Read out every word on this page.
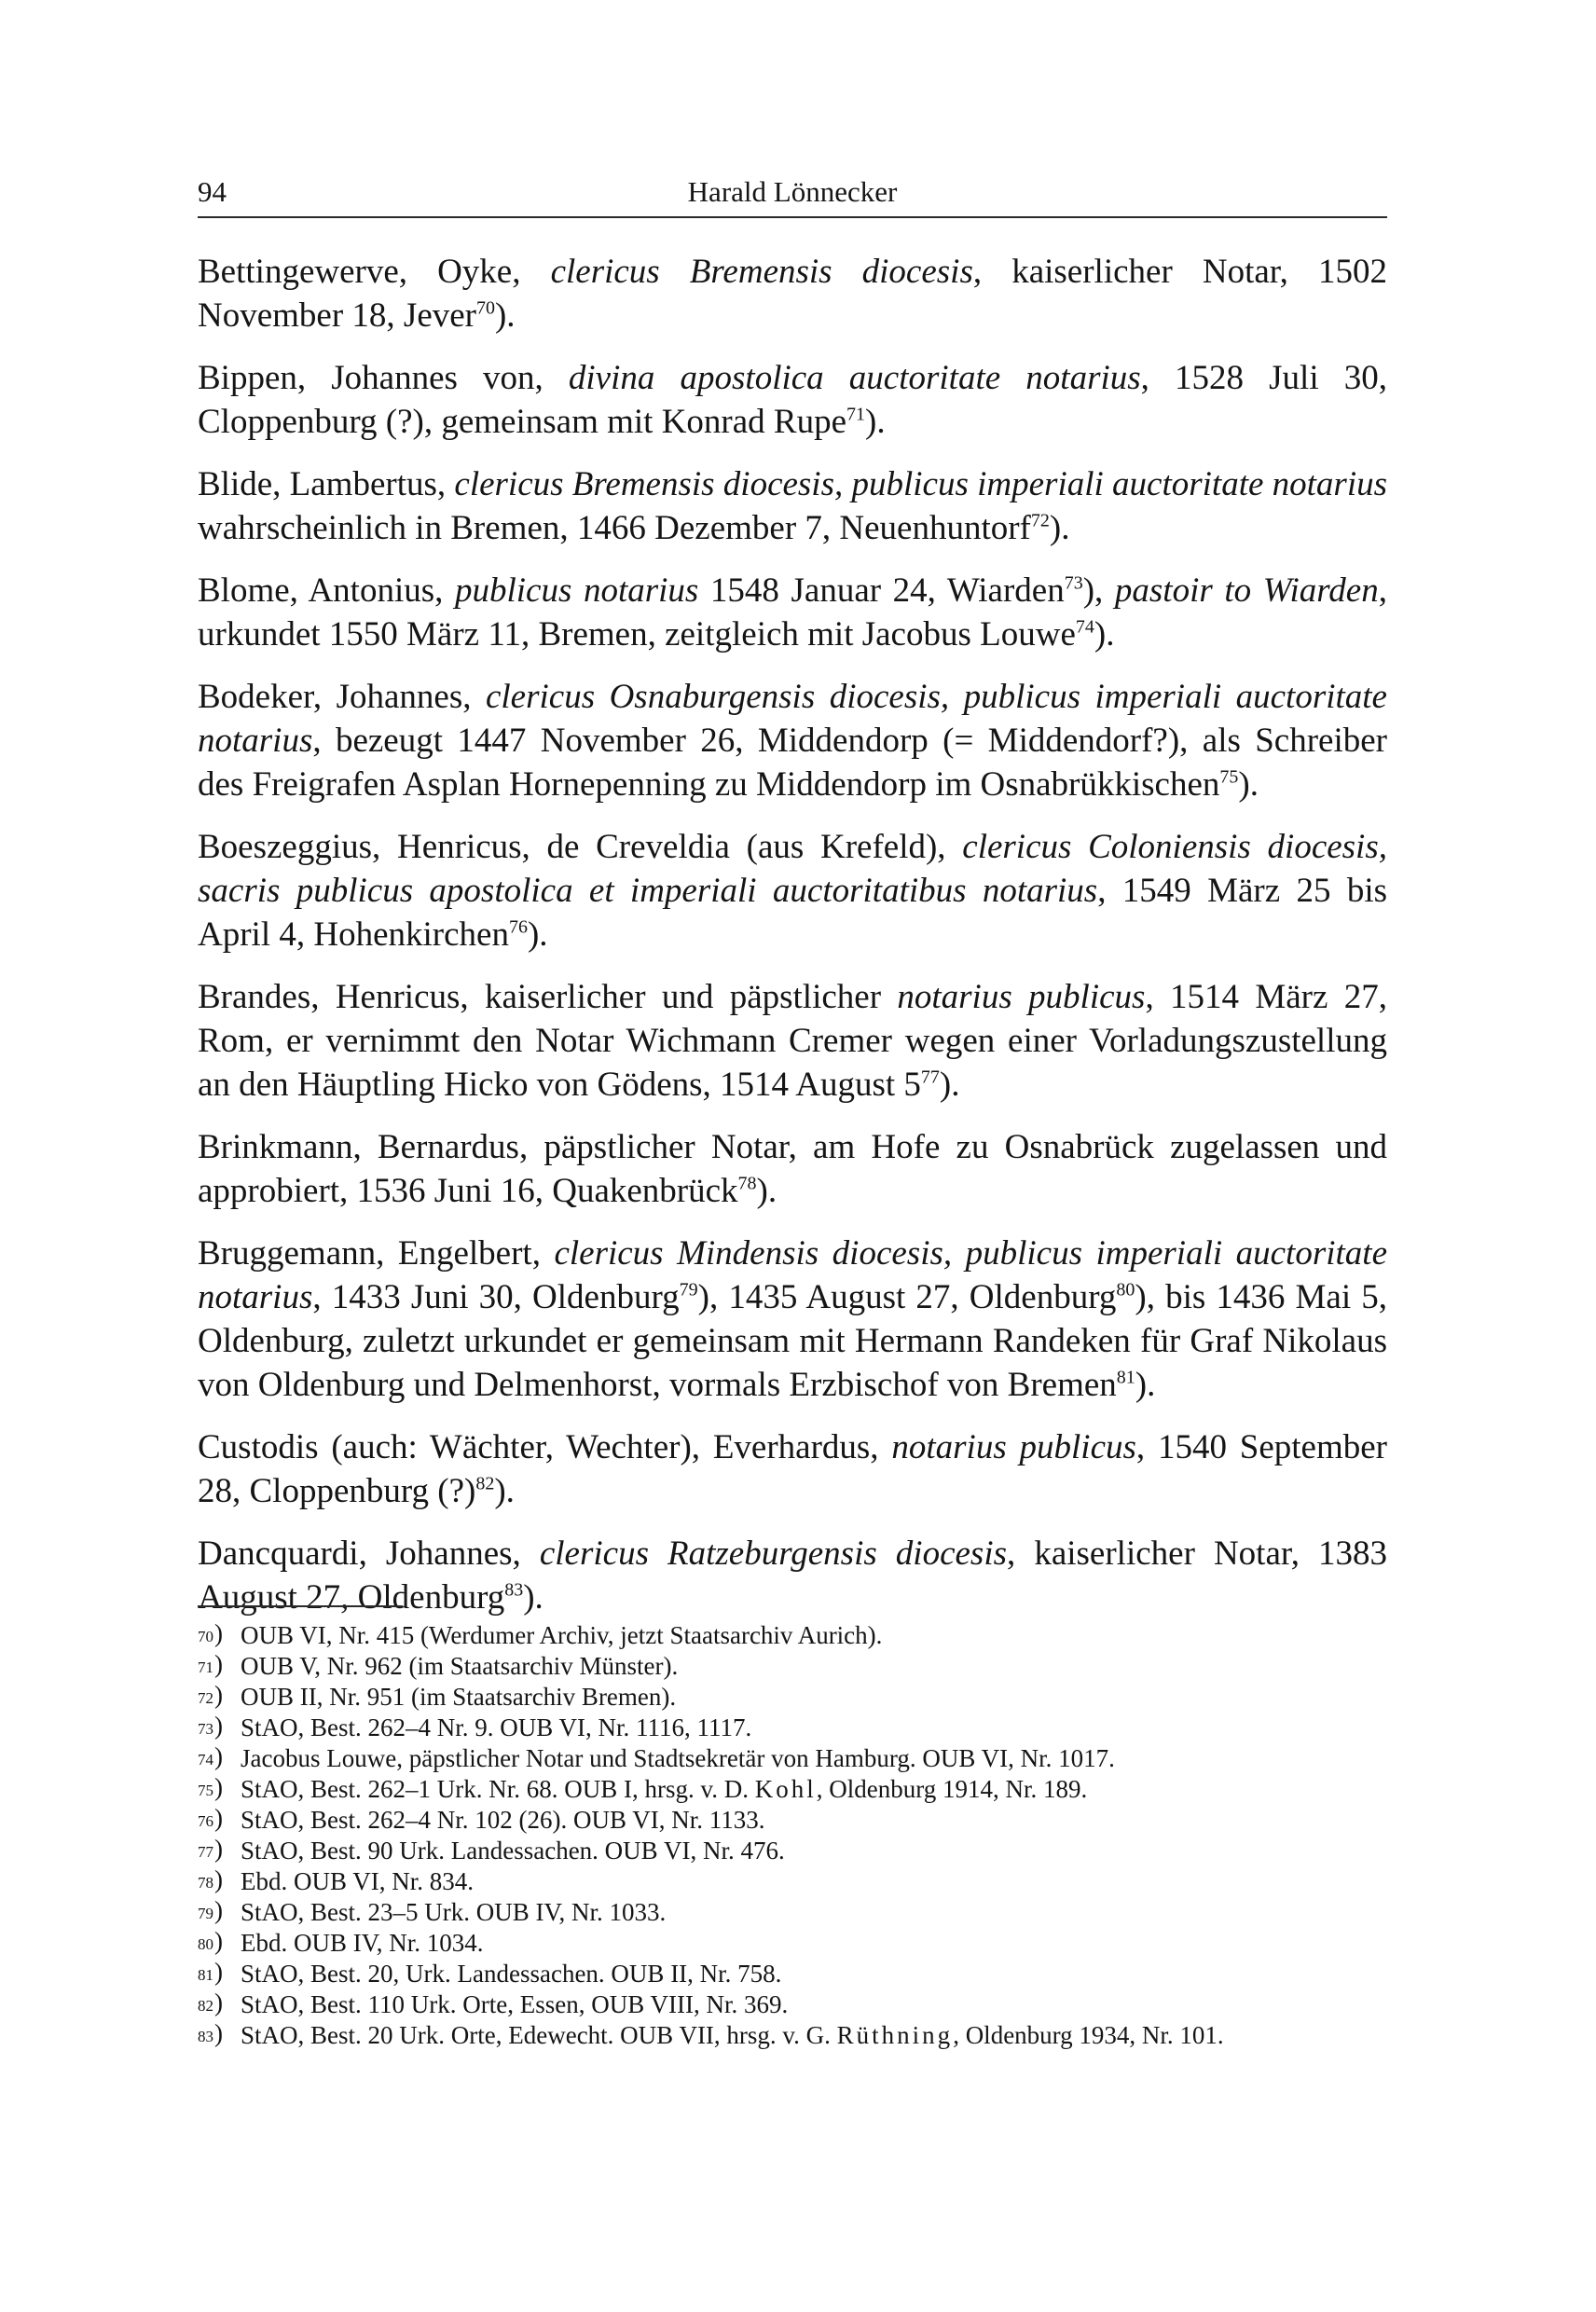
94	Harald Lönnecker
Bettingewerve, Oyke, clericus Bremensis diocesis, kaiserlicher Notar, 1502 November 18, Jever$^{70}$).
Bippen, Johannes von, divina apostolica auctoritate notarius, 1528 Juli 30, Cloppenburg (?), gemeinsam mit Konrad Rupe$^{71}$).
Blide, Lambertus, clericus Bremensis diocesis, publicus imperiali auctoritate notarius wahrscheinlich in Bremen, 1466 Dezember 7, Neuenhuntorf$^{72}$).
Blome, Antonius, publicus notarius 1548 Januar 24, Wiarden$^{73}$), pastoir to Wiarden, urkundet 1550 März 11, Bremen, zeitgleich mit Jacobus Louwe$^{74}$).
Bodeker, Johannes, clericus Osnaburgensis diocesis, publicus imperiali auctoritate notarius, bezeugt 1447 November 26, Middendorp (= Middendorf?), als Schreiber des Freigrafen Asplan Hornepenning zu Middendorp im Osnabrükkischen$^{75}$).
Boeszeggius, Henricus, de Creveldia (aus Krefeld), clericus Coloniensis diocesis, sacris publicus apostolica et imperiali auctoritatibus notarius, 1549 März 25 bis April 4, Hohenkirchen$^{76}$).
Brandes, Henricus, kaiserlicher und päpstlicher notarius publicus, 1514 März 27, Rom, er vernimmt den Notar Wichmann Cremer wegen einer Vorladungszustellung an den Häuptling Hicko von Gödens, 1514 August 5$^{77}$).
Brinkmann, Bernardus, päpstlicher Notar, am Hofe zu Osnabrück zugelassen und approbiert, 1536 Juni 16, Quakenbrück$^{78}$).
Bruggemann, Engelbert, clericus Mindensis diocesis, publicus imperiali auctoritate notarius, 1433 Juni 30, Oldenburg$^{79}$), 1435 August 27, Oldenburg$^{80}$), bis 1436 Mai 5, Oldenburg, zuletzt urkundet er gemeinsam mit Hermann Randeken für Graf Nikolaus von Oldenburg und Delmenhorst, vormals Erzbischof von Bremen$^{81}$).
Custodis (auch: Wächter, Wechter), Everhardus, notarius publicus, 1540 September 28, Cloppenburg (?)$^{82}$).
Dancquardi, Johannes, clericus Ratzeburgensis diocesis, kaiserlicher Notar, 1383 August 27, Oldenburg$^{83}$).
70 )	OUB VI, Nr. 415 (Werdumer Archiv, jetzt Staatsarchiv Aurich).
71 )	OUB V, Nr. 962 (im Staatsarchiv Münster).
72 )	OUB II, Nr. 951 (im Staatsarchiv Bremen).
73 )	StAO, Best. 262–4 Nr. 9. OUB VI, Nr. 1116, 1117.
74 )	Jacobus Louwe, päpstlicher Notar und Stadtsekretär von Hamburg. OUB VI, Nr. 1017.
75 )	StAO, Best. 262–1 Urk. Nr. 68. OUB I, hrsg. v. D. Kohl, Oldenburg 1914, Nr. 189.
76 )	StAO, Best. 262–4 Nr. 102 (26). OUB VI, Nr. 1133.
77 )	StAO, Best. 90 Urk. Landessachen. OUB VI, Nr. 476.
78 )	Ebd. OUB VI, Nr. 834.
79 )	StAO, Best. 23–5 Urk. OUB IV, Nr. 1033.
80 )	Ebd. OUB IV, Nr. 1034.
81 )	StAO, Best. 20, Urk. Landessachen. OUB II, Nr. 758.
82 )	StAO, Best. 110 Urk. Orte, Essen, OUB VIII, Nr. 369.
83 )	StAO, Best. 20 Urk. Orte, Edewecht. OUB VII, hrsg. v. G. Rüthning, Oldenburg 1934, Nr. 101.
